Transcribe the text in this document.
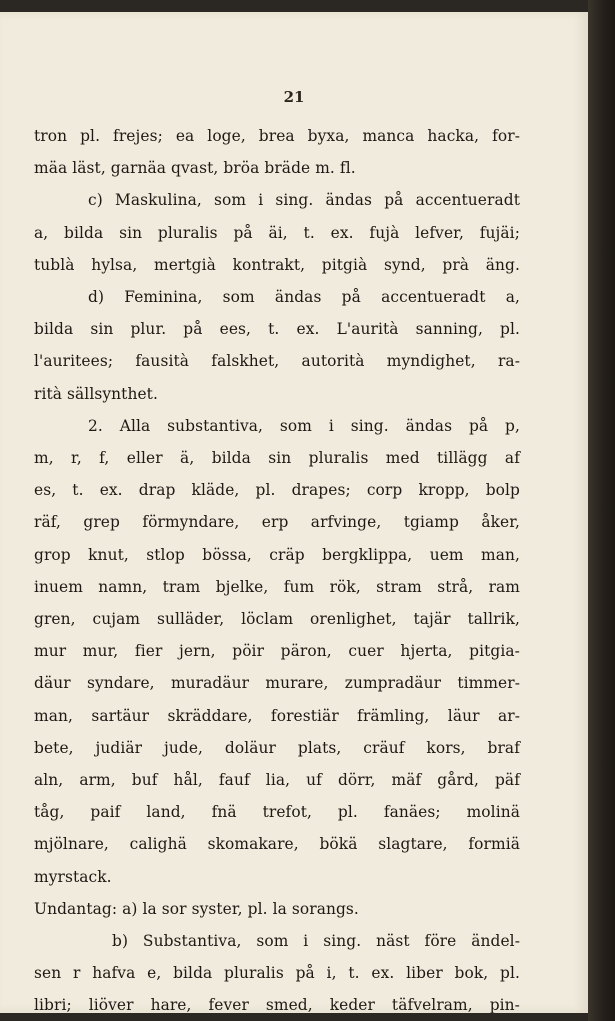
21
tron pl. frejes; ea loge, brea byxa, manca hacka, for-
mäa läst, garnäa qvast, bröa bräde m. fl.
c) Maskulina, som i sing. ändas på accentueradt
a, bilda sin pluralis på äi, t. ex. fujà lefver, fujäi;
tublà hylsa, mertgià kontrakt, pitgià synd, prà äng.
d) Feminina, som ändas på accentueradt a,
bilda sin plur. på ees, t. ex. L'aurità sanning, pl.
l'auritees; fausità falskhet, autorità myndighet, ra-
rità sällsynthet.
2. Alla substantiva, som i sing. ändas på p,
m, r, f, eller ä, bilda sin pluralis med tillägg af
es, t. ex. drap kläde, pl. drapes; corp kropp, bolp
räf, grep förmyndare, erp arfvinge, tgiamp åker,
grop knut, stlop bössa, cräp bergklippa, uem man,
inuem namn, tram bjelke, fum rök, stram strå, ram
gren, cujam sulläder, löclam orenlighet, tajär tallrik,
mur mur, fier jern, pöir päron, cuer hjerta, pitgia-
däur syndare, muradäur murare, zumpradäur timmer-
man, sartäur skräddare, forestiär främling, läur ar-
bete, judiär jude, doläur plats, cräuf kors, braf
aln, arm, buf hål, fauf lia, uf dörr, mäf gård, päf
tåg, paif land, fnä trefot, pl. fanäes; molinä
mjölnare, calighä skomakare, bökä slagtare, formiä
myrstack.
Undantag: a) la sor syster, pl. la sorangs.
b) Substantiva, som i sing. näst före ändel-
sen r hafva e, bilda pluralis på i, t. ex. liber bok, pl.
libri; liöver hare, fever smed, keder täfvelram, pin-
